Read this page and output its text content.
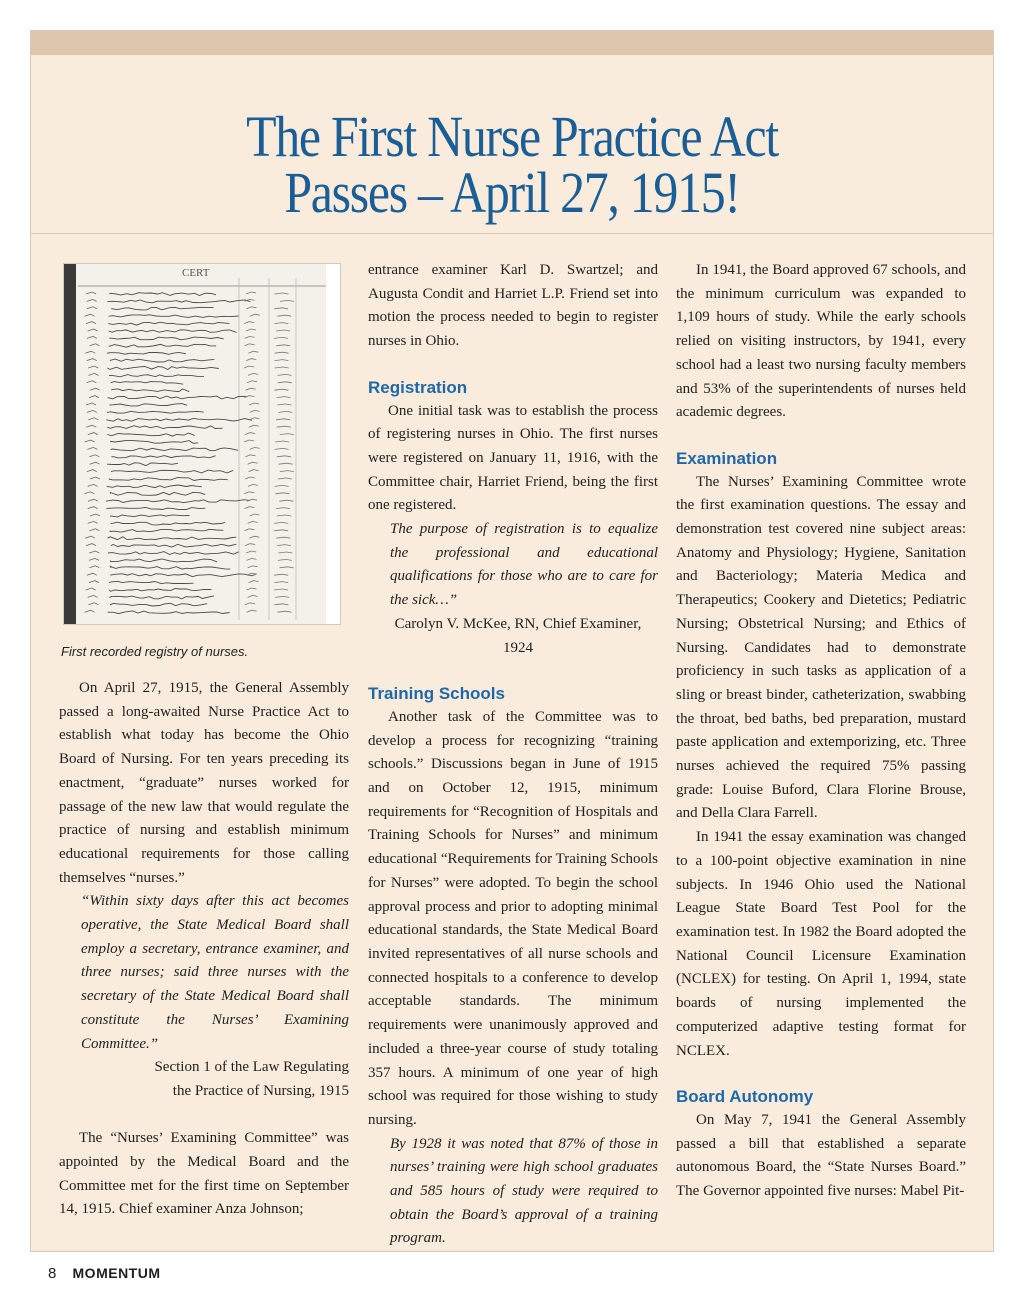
The First Nurse Practice Act
Passes – April 27, 1915!
CERT

First recorded registry of nurses.

On April 27, 1915, the General Assembly passed a long-awaited Nurse Practice Act to establish what today has become the Ohio Board of Nursing. For ten years preceding its enactment, “graduate” nurses worked for passage of the new law that would regulate the practice of nursing and establish minimum educational requirements for those calling themselves “nurses.”

“Within sixty days after this act becomes operative, the State Medical Board shall employ a secretary, entrance examiner, and three nurses; said three nurses with the secretary of the State Medical Board shall constitute the Nurses’ Examining Committee.”

Section 1 of the Law Regulating

the Practice of Nursing, 1915

The “Nurses’ Examining Committee” was appointed by the Medical Board and the Committee met for the first time on September 14, 1915. Chief examiner Anza Johnson;

entrance examiner Karl D. Swartzel; and Augusta Condit and Harriet L.P. Friend set into motion the process needed to begin to register nurses in Ohio.

Registration

One initial task was to establish the process of registering nurses in Ohio. The first nurses were registered on January 11, 1916, with the Committee chair, Harriet Friend, being the first one registered.

The purpose of registration is to equalize the professional and educational qualifications for those who are to care for the sick…”

Carolyn V. McKee, RN, Chief Examiner, 1924

Training Schools

Another task of the Committee was to develop a process for recognizing “training schools.” Discussions began in June of 1915 and on October 12, 1915, minimum requirements for “Recognition of Hospitals and Training Schools for Nurses” and minimum educational “Requirements for Training Schools for Nurses” were adopted. To begin the school approval process and prior to adopting minimal educational standards, the State Medical Board invited representatives of all nurse schools and connected hospitals to a conference to develop acceptable standards. The minimum requirements were unanimously approved and included a three-year course of study totaling 357 hours. A minimum of one year of high school was required for those wishing to study nursing.

By 1928 it was noted that 87% of those in nurses’ training were high school graduates and 585 hours of study were required to obtain the Board’s approval of a training program.

In 1941, the Board approved 67 schools, and the minimum curriculum was expanded to 1,109 hours of study. While the early schools relied on visiting instructors, by 1941, every school had a least two nursing faculty members and 53% of the superintendents of nurses held academic degrees.

Examination

The Nurses’ Examining Committee wrote the first examination questions. The essay and demonstration test covered nine subject areas: Anatomy and Physiology; Hygiene, Sanitation and Bacteriology; Materia Medica and Therapeutics; Cookery and Dietetics; Pediatric Nursing; Obstetrical Nursing; and Ethics of Nursing. Candidates had to demonstrate proficiency in such tasks as application of a sling or breast binder, catheterization, swabbing the throat, bed baths, bed preparation, mustard paste application and extemporizing, etc. Three nurses achieved the required 75% passing grade: Louise Buford, Clara Florine Brouse, and Della Clara Farrell.

In 1941 the essay examination was changed to a 100-point objective examination in nine subjects. In 1946 Ohio used the National League State Board Test Pool for the examination test. In 1982 the Board adopted the National Council Licensure Examination (NCLEX) for testing. On April 1, 1994, state boards of nursing implemented the computerized adaptive testing format for NCLEX.

Board Autonomy

On May 7, 1941 the General Assembly passed a bill that established a separate autonomous Board, the “State Nurses Board.” The Governor appointed five nurses: Mabel Pit-

8 MOMENTUM
